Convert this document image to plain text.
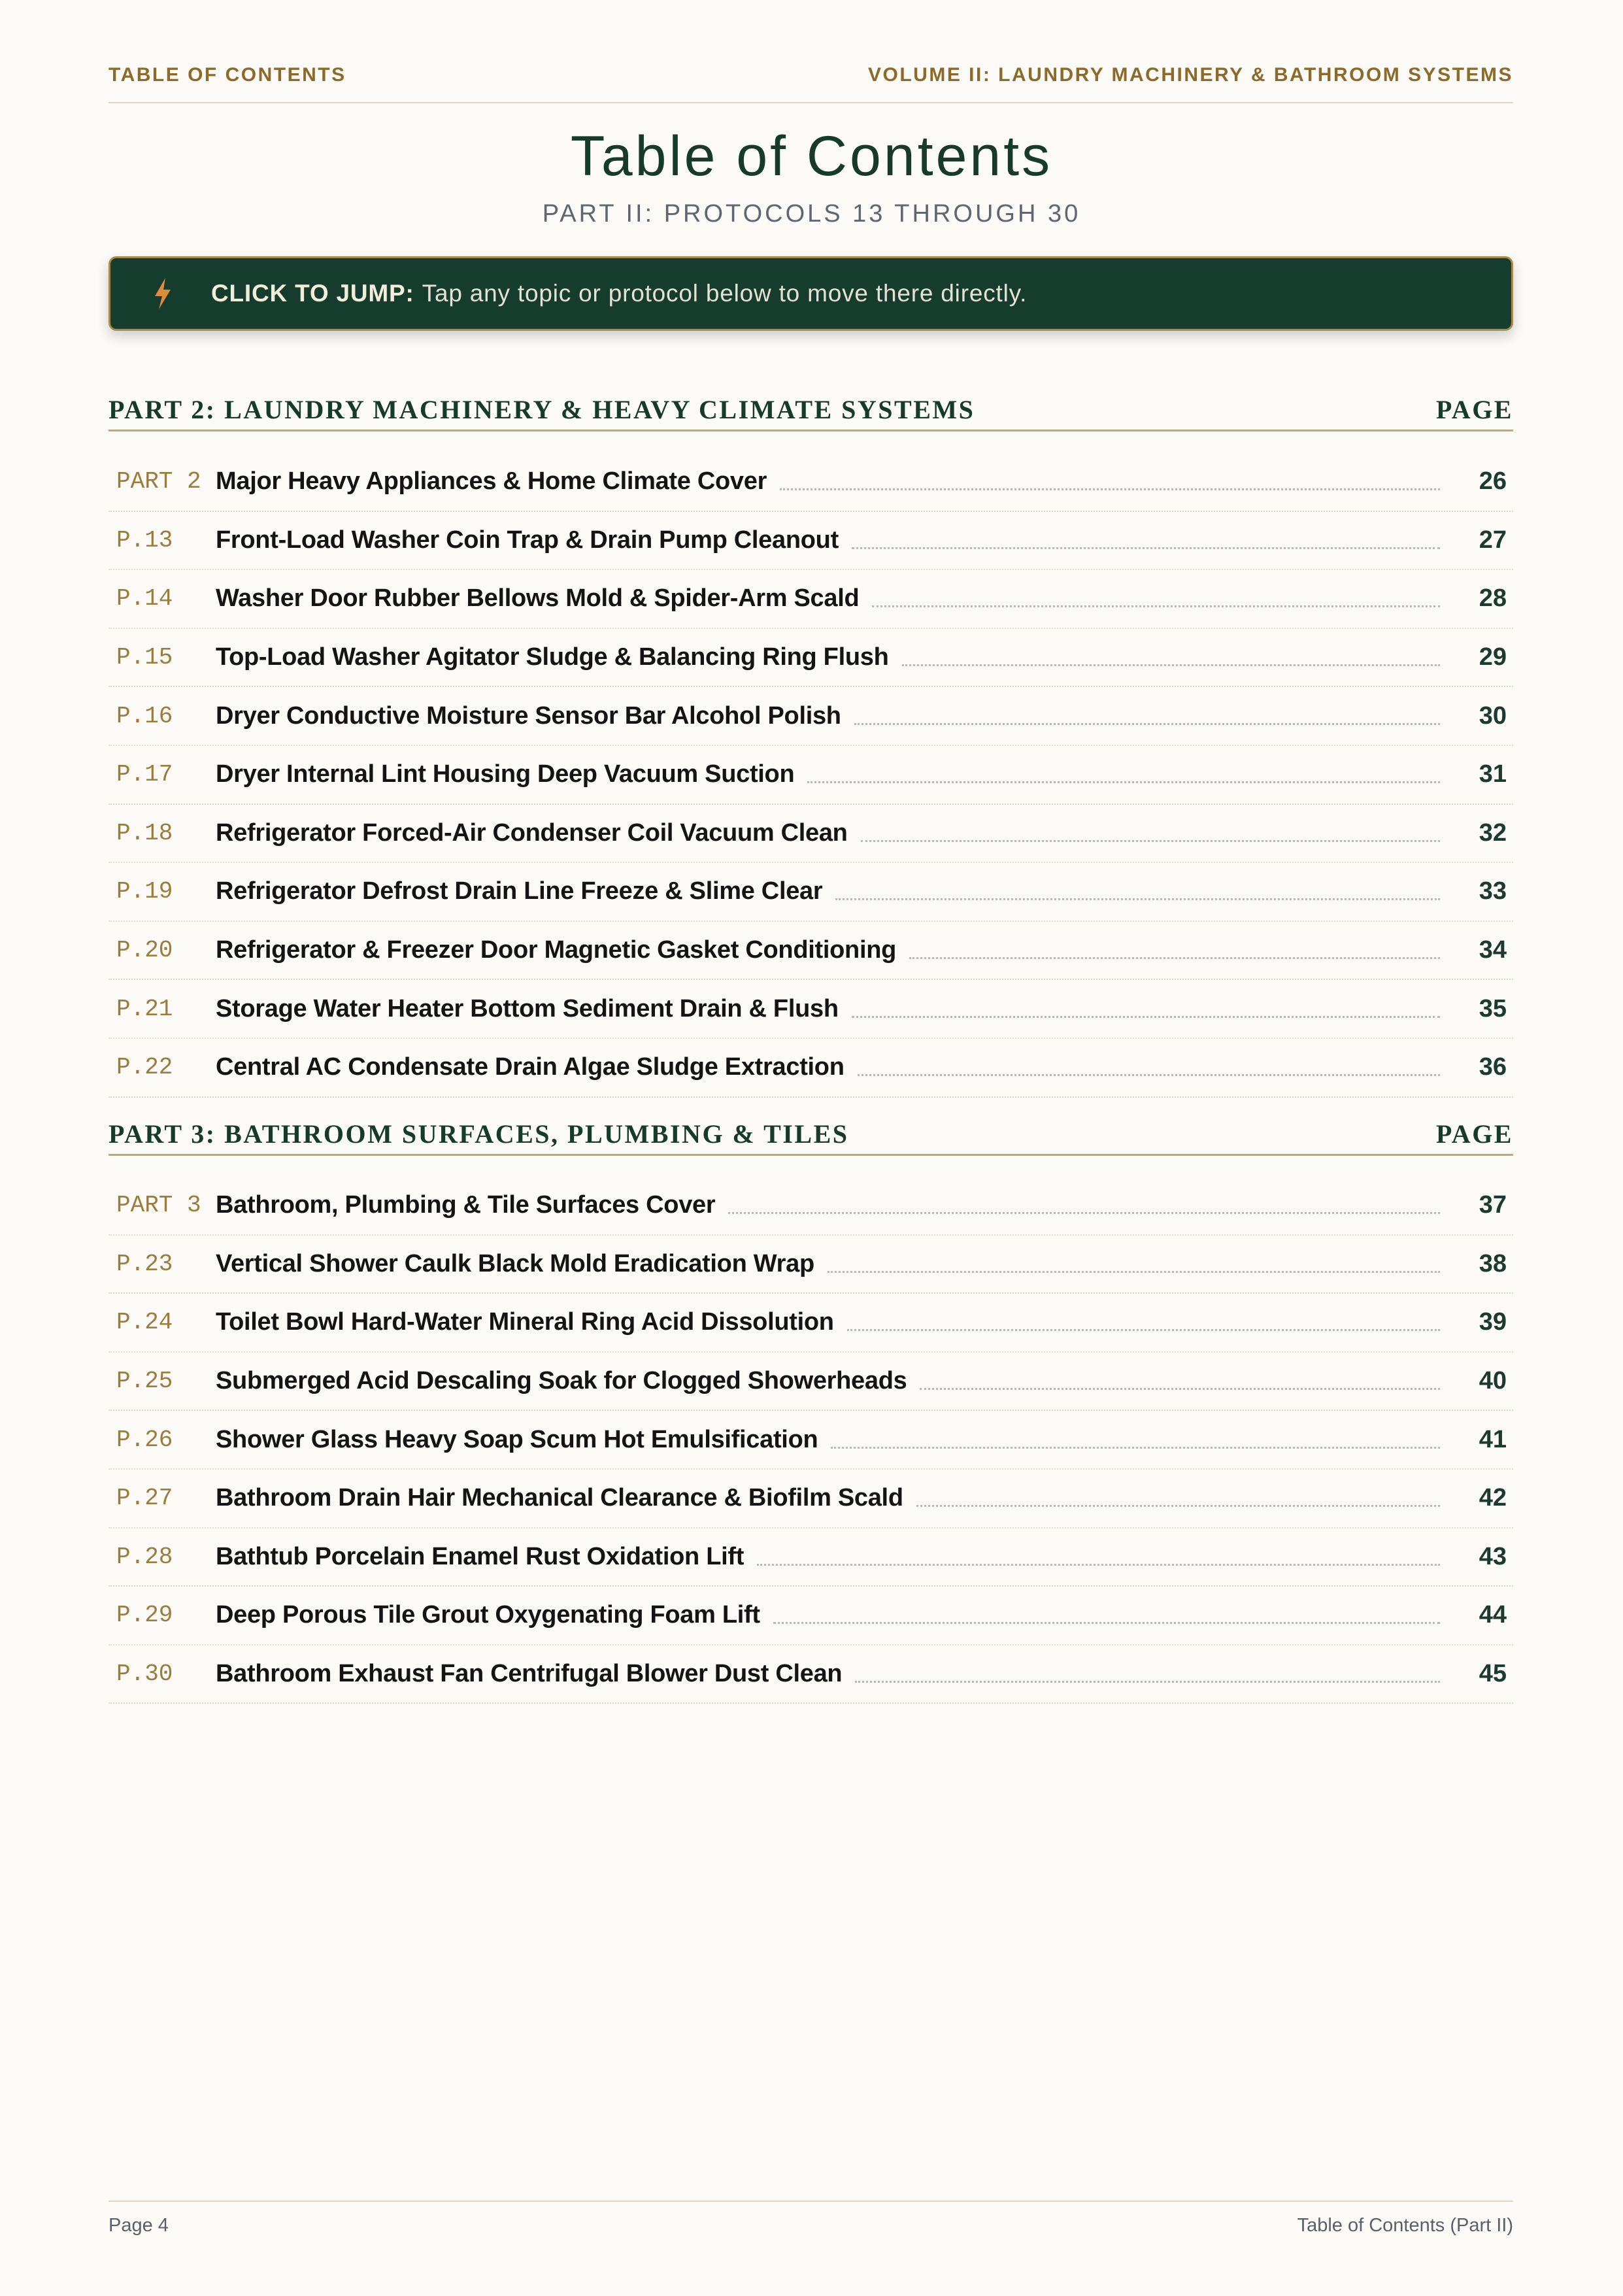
TABLE OF CONTENTS	VOLUME II: LAUNDRY MACHINERY & BATHROOM SYSTEMS
Table of Contents
PART II: PROTOCOLS 13 THROUGH 30
CLICK TO JUMP: Tap any topic or protocol below to move there directly.
PART 2: LAUNDRY MACHINERY & HEAVY CLIMATE SYSTEMS	PAGE
PART 2 Major Heavy Appliances & Home Climate Cover	26
P.13	Front-Load Washer Coin Trap & Drain Pump Cleanout	27
P.14	Washer Door Rubber Bellows Mold & Spider-Arm Scald	28
P.15	Top-Load Washer Agitator Sludge & Balancing Ring Flush	29
P.16	Dryer Conductive Moisture Sensor Bar Alcohol Polish	30
P.17	Dryer Internal Lint Housing Deep Vacuum Suction	31
P.18	Refrigerator Forced-Air Condenser Coil Vacuum Clean	32
P.19	Refrigerator Defrost Drain Line Freeze & Slime Clear	33
P.20	Refrigerator & Freezer Door Magnetic Gasket Conditioning	34
P.21	Storage Water Heater Bottom Sediment Drain & Flush	35
P.22	Central AC Condensate Drain Algae Sludge Extraction	36
PART 3: BATHROOM SURFACES, PLUMBING & TILES	PAGE
PART 3 Bathroom, Plumbing & Tile Surfaces Cover	37
P.23	Vertical Shower Caulk Black Mold Eradication Wrap	38
P.24	Toilet Bowl Hard-Water Mineral Ring Acid Dissolution	39
P.25	Submerged Acid Descaling Soak for Clogged Showerheads	40
P.26	Shower Glass Heavy Soap Scum Hot Emulsification	41
P.27	Bathroom Drain Hair Mechanical Clearance & Biofilm Scald	42
P.28	Bathtub Porcelain Enamel Rust Oxidation Lift	43
P.29	Deep Porous Tile Grout Oxygenating Foam Lift	44
P.30	Bathroom Exhaust Fan Centrifugal Blower Dust Clean	45
Page 4	Table of Contents (Part II)
